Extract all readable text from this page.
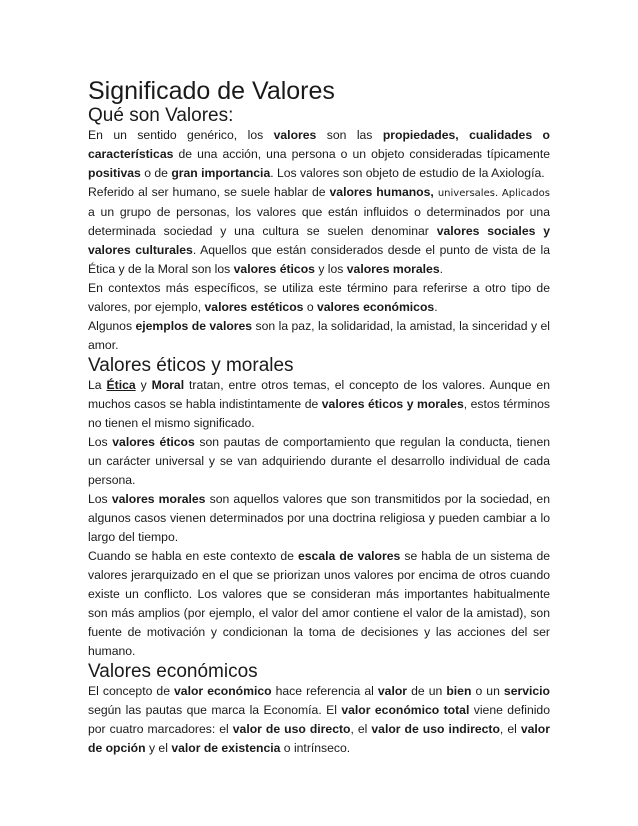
Significado de Valores
Qué son Valores:

En un sentido genérico, los valores son las propiedades, cualidades o características de una acción, una persona o un objeto consideradas típicamente positivas o de gran importancia. Los valores son objeto de estudio de la Axiología.

Referido al ser humano, se suele hablar de valores humanos, universales. Aplicados a un grupo de personas, los valores que están influidos o determinados por una determinada sociedad y una cultura se suelen denominar valores sociales y valores culturales. Aquellos que están considerados desde el punto de vista de la Ética y de la Moral son los valores éticos y los valores morales.

En contextos más específicos, se utiliza este término para referirse a otro tipo de valores, por ejemplo, valores estéticos o valores económicos.

Algunos ejemplos de valores son la paz, la solidaridad, la amistad, la sinceridad y el amor.

Valores éticos y morales

La Ética y Moral tratan, entre otros temas, el concepto de los valores. Aunque en muchos casos se habla indistintamente de valores éticos y morales, estos términos no tienen el mismo significado.

Los valores éticos son pautas de comportamiento que regulan la conducta, tienen un carácter universal y se van adquiriendo durante el desarrollo individual de cada persona.

Los valores morales son aquellos valores que son transmitidos por la sociedad, en algunos casos vienen determinados por una doctrina religiosa y pueden cambiar a lo largo del tiempo.

Cuando se habla en este contexto de escala de valores se habla de un sistema de valores jerarquizado en el que se priorizan unos valores por encima de otros cuando existe un conflicto. Los valores que se consideran más importantes habitualmente son más amplios (por ejemplo, el valor del amor contiene el valor de la amistad), son fuente de motivación y condicionan la toma de decisiones y las acciones del ser humano.

Valores económicos

El concepto de valor económico hace referencia al valor de un bien o un servicio según las pautas que marca la Economía. El valor económico total viene definido por cuatro marcadores: el valor de uso directo, el valor de uso indirecto, el valor de opción y el valor de existencia o intrínseco.
